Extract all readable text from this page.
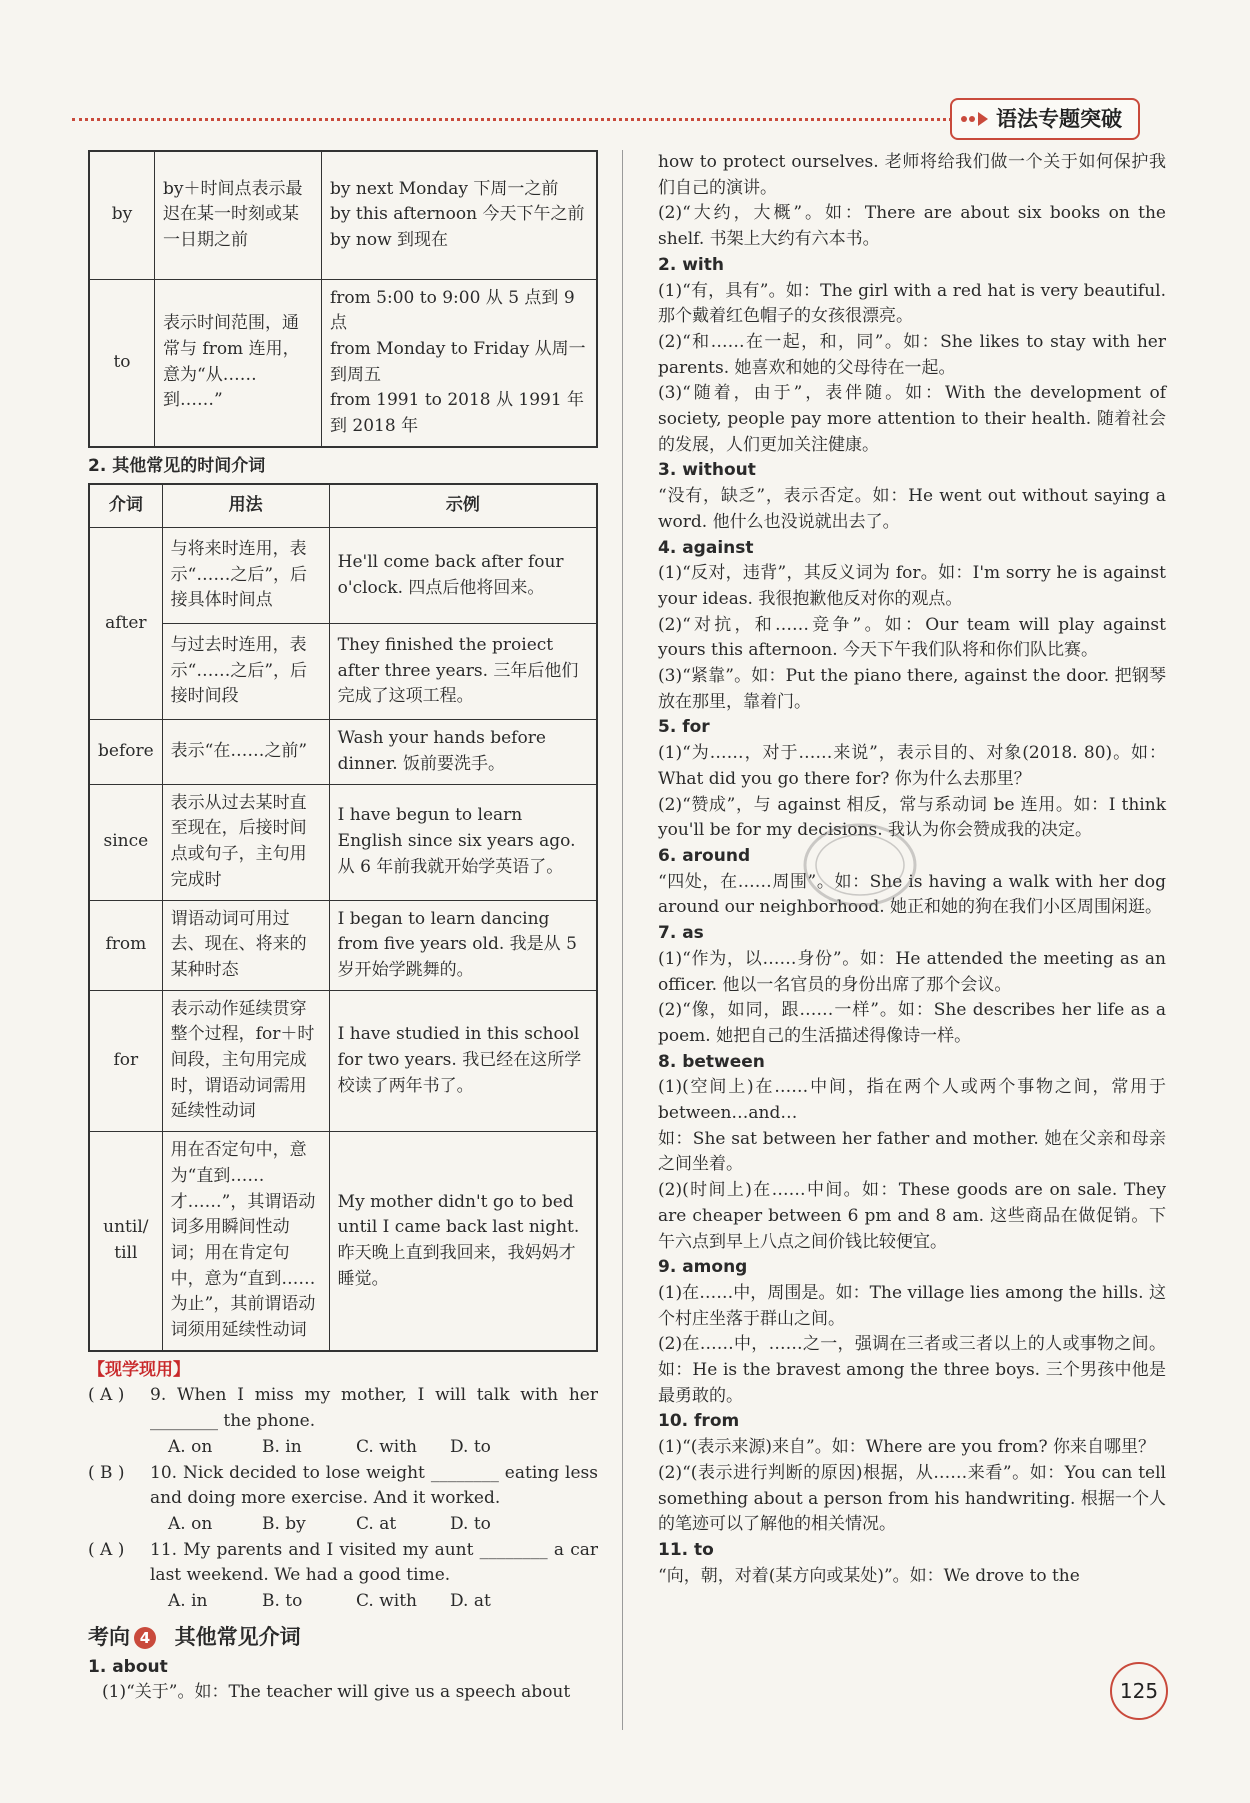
语法专题突破
by	by＋时间点表示最迟在某一时刻或某一日期之前	by next Monday 下周一之前
by this afternoon 今天下午之前
by now 到现在
to	表示时间范围，通常与 from 连用，意为“从……到……”	from 5:00 to 9:00 从 5 点到 9 点
from Monday to Friday 从周一到周五
from 1991 to 2018 从 1991 年到 2018 年
2. 其他常见的时间介词
介词	用法	示例
after	与将来时连用，表示“……之后”，后接具体时间点	He'll come back after four o'clock. 四点后他将回来。
	与过去时连用，表示“……之后”，后接时间段	They finished the proiect after three years. 三年后他们完成了这项工程。
before	表示“在……之前”	Wash your hands before dinner. 饭前要洗手。
since	表示从过去某时直至现在，后接时间点或句子，主句用完成时	I have begun to learn English since six years ago. 从 6 年前我就开始学英语了。
from	谓语动词可用过去、现在、将来的某种时态	I began to learn dancing from five years old. 我是从 5 岁开始学跳舞的。
for	表示动作延续贯穿整个过程，for＋时间段，主句用完成时，谓语动词需用延续性动词	I have studied in this school for two years. 我已经在这所学校读了两年书了。
until/
till	用在否定句中，意为“直到……才……”，其谓语动词多用瞬间性动词；用在肯定句中，意为“直到……为止”，其前谓语动词须用延续性动词	My mother didn't go to bed until I came back last night. 昨天晚上直到我回来，我妈妈才睡觉。
【现学现用】

( A ) 9. When I miss my mother, I will talk with her ________ the phone.

A. on	B. in	C. with D. to

( B ) 10. Nick decided to lose weight ________ eating less and doing more exercise. And it worked.

A. on	B. by	C. at	D. to

( A ) 11. My parents and I visited my aunt ________ a car last weekend. We had a good time.

A. in	B. to	C. with D. at
考向 4 其他常见介词
1. about

(1)“关于”。如：The teacher will give us a speech about

how to protect ourselves. 老师将给我们做一个关于如何保护我们自己的演讲。

(2)“大约，大概”。如：There are about six books on the shelf. 书架上大约有六本书。

2. with

(1)“有，具有”。如：The girl with a red hat is very beautiful. 那个戴着红色帽子的女孩很漂亮。

(2)“和……在一起，和，同”。如：She likes to stay with her parents. 她喜欢和她的父母待在一起。

(3)“随着，由于”，表伴随。如：With the development of society, people pay more attention to their health. 随着社会的发展，人们更加关注健康。

3. without

“没有，缺乏”，表示否定。如：He went out without saying a word. 他什么也没说就出去了。

4. against

(1)“反对，违背”，其反义词为 for。如：I'm sorry he is against your ideas. 我很抱歉他反对你的观点。

(2)“对抗，和……竞争”。如：Our team will play against yours this afternoon. 今天下午我们队将和你们队比赛。

(3)“紧靠”。如：Put the piano there, against the door. 把钢琴放在那里，靠着门。

5. for

(1)“为……，对于……来说”，表示目的、对象(2018. 80)。如：What did you go there for? 你为什么去那里？

(2)“赞成”，与 against 相反，常与系动词 be 连用。如：I think you'll be for my decisions. 我认为你会赞成我的决定。

6. around

“四处，在……周围”。如：She is having a walk with her dog around our neighborhood. 她正和她的狗在我们小区周围闲逛。

7. as

(1)“作为，以……身份”。如：He attended the meeting as an officer. 他以一名官员的身份出席了那个会议。

(2)“像，如同，跟……一样”。如：She describes her life as a poem. 她把自己的生活描述得像诗一样。

8. between

(1)(空间上)在……中间，指在两个人或两个事物之间，常用于 between…and…

如：She sat between her father and mother. 她在父亲和母亲之间坐着。

(2)(时间上)在……中间。如：These goods are on sale. They are cheaper between 6 pm and 8 am. 这些商品在做促销。下午六点到早上八点之间价钱比较便宜。

9. among

(1)在……中，周围是。如：The village lies among the hills. 这个村庄坐落于群山之间。

(2)在……中，……之一，强调在三者或三者以上的人或事物之间。如：He is the bravest among the three boys. 三个男孩中他是最勇敢的。

10. from

(1)“(表示来源)来自”。如：Where are you from? 你来自哪里？

(2)“(表示进行判断的原因)根据，从……来看”。如：You can tell something about a person from his handwriting. 根据一个人的笔迹可以了解他的相关情况。

11. to

“向，朝，对着(某方向或某处)”。如：We drove to the

125
